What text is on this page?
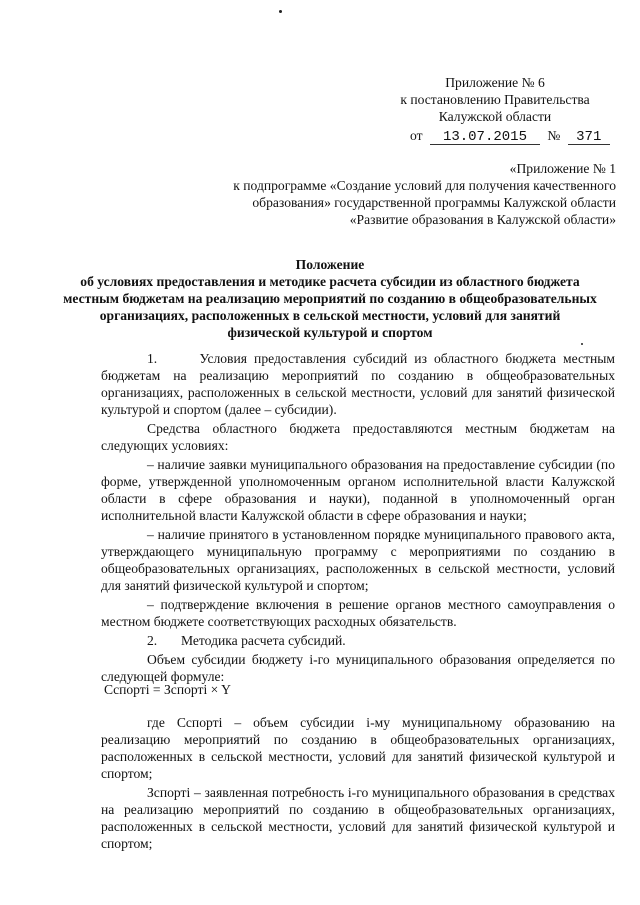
Приложение № 6
к постановлению Правительства
Калужской области
от 13.07.2015 № 371
«Приложение № 1
к подпрограмме «Создание условий для получения качественного
образования» государственной программы Калужской области
«Развитие образования в Калужской области»
Положение
об условиях предоставления и методике расчета субсидии из областного бюджета
местным бюджетам на реализацию мероприятий по созданию в общеобразовательных
организациях, расположенных в сельской местности, условий для занятий
физической культурой и спортом

1.      Условия предоставления субсидий из областного бюджета местным бюджетам на реализацию мероприятий по созданию в общеобразовательных организациях, расположенных в сельской местности, условий для занятий физической культурой и спортом (далее – субсидии).

Средства областного бюджета предоставляются местным бюджетам на следующих условиях:

– наличие заявки муниципального образования на предоставление субсидии (по форме, утвержденной уполномоченным органом исполнительной власти Калужской области в сфере образования и науки), поданной в уполномоченный орган исполнительной власти Калужской области в сфере образования и науки;

– наличие принятого в установленном порядке муниципального правового акта, утверждающего муниципальную программу с мероприятиями по созданию в общеобразовательных организациях, расположенных в сельской местности, условий для занятий физической культурой и спортом;

– подтверждение включения в решение органов местного самоуправления о местном бюджете соответствующих расходных обязательств.

2.       Методика расчета субсидий.

Объем субсидии бюджету i-го муниципального образования определяется по следующей формуле:

Cспортi = Зспортi × Y

где Cспортi – объем субсидии i-му муниципальному образованию на реализацию мероприятий по созданию в общеобразовательных организациях, расположенных в сельской местности, условий для занятий физической культурой и спортом;

Зспортi – заявленная потребность i-го муниципального образования в средствах на реализацию мероприятий по созданию в общеобразовательных организациях, расположенных в сельской местности, условий для занятий физической культурой и спортом;
